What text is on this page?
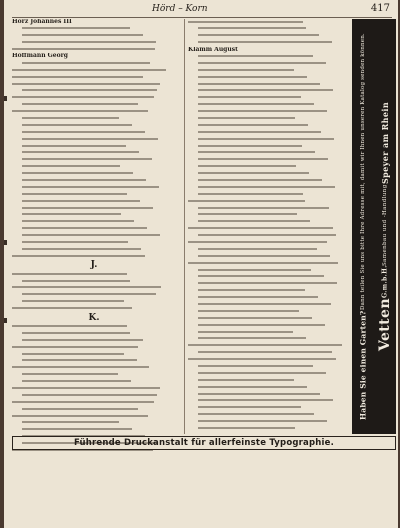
Hörd – Korn	417
Hörz Johannes III
Hoffmann Georg
J.
K.
Klamm August
Haben Sie einen Garten?
Dann teilen Sie uns bitte Ihre Adresse mit, damit wir Ihnen unseren Katalog senden können.
Vetten
G.m.b.H.
Samenbau und -Handlung
Speyer am Rhein
Führende Druckanstalt für allerfeinste Typographie.
